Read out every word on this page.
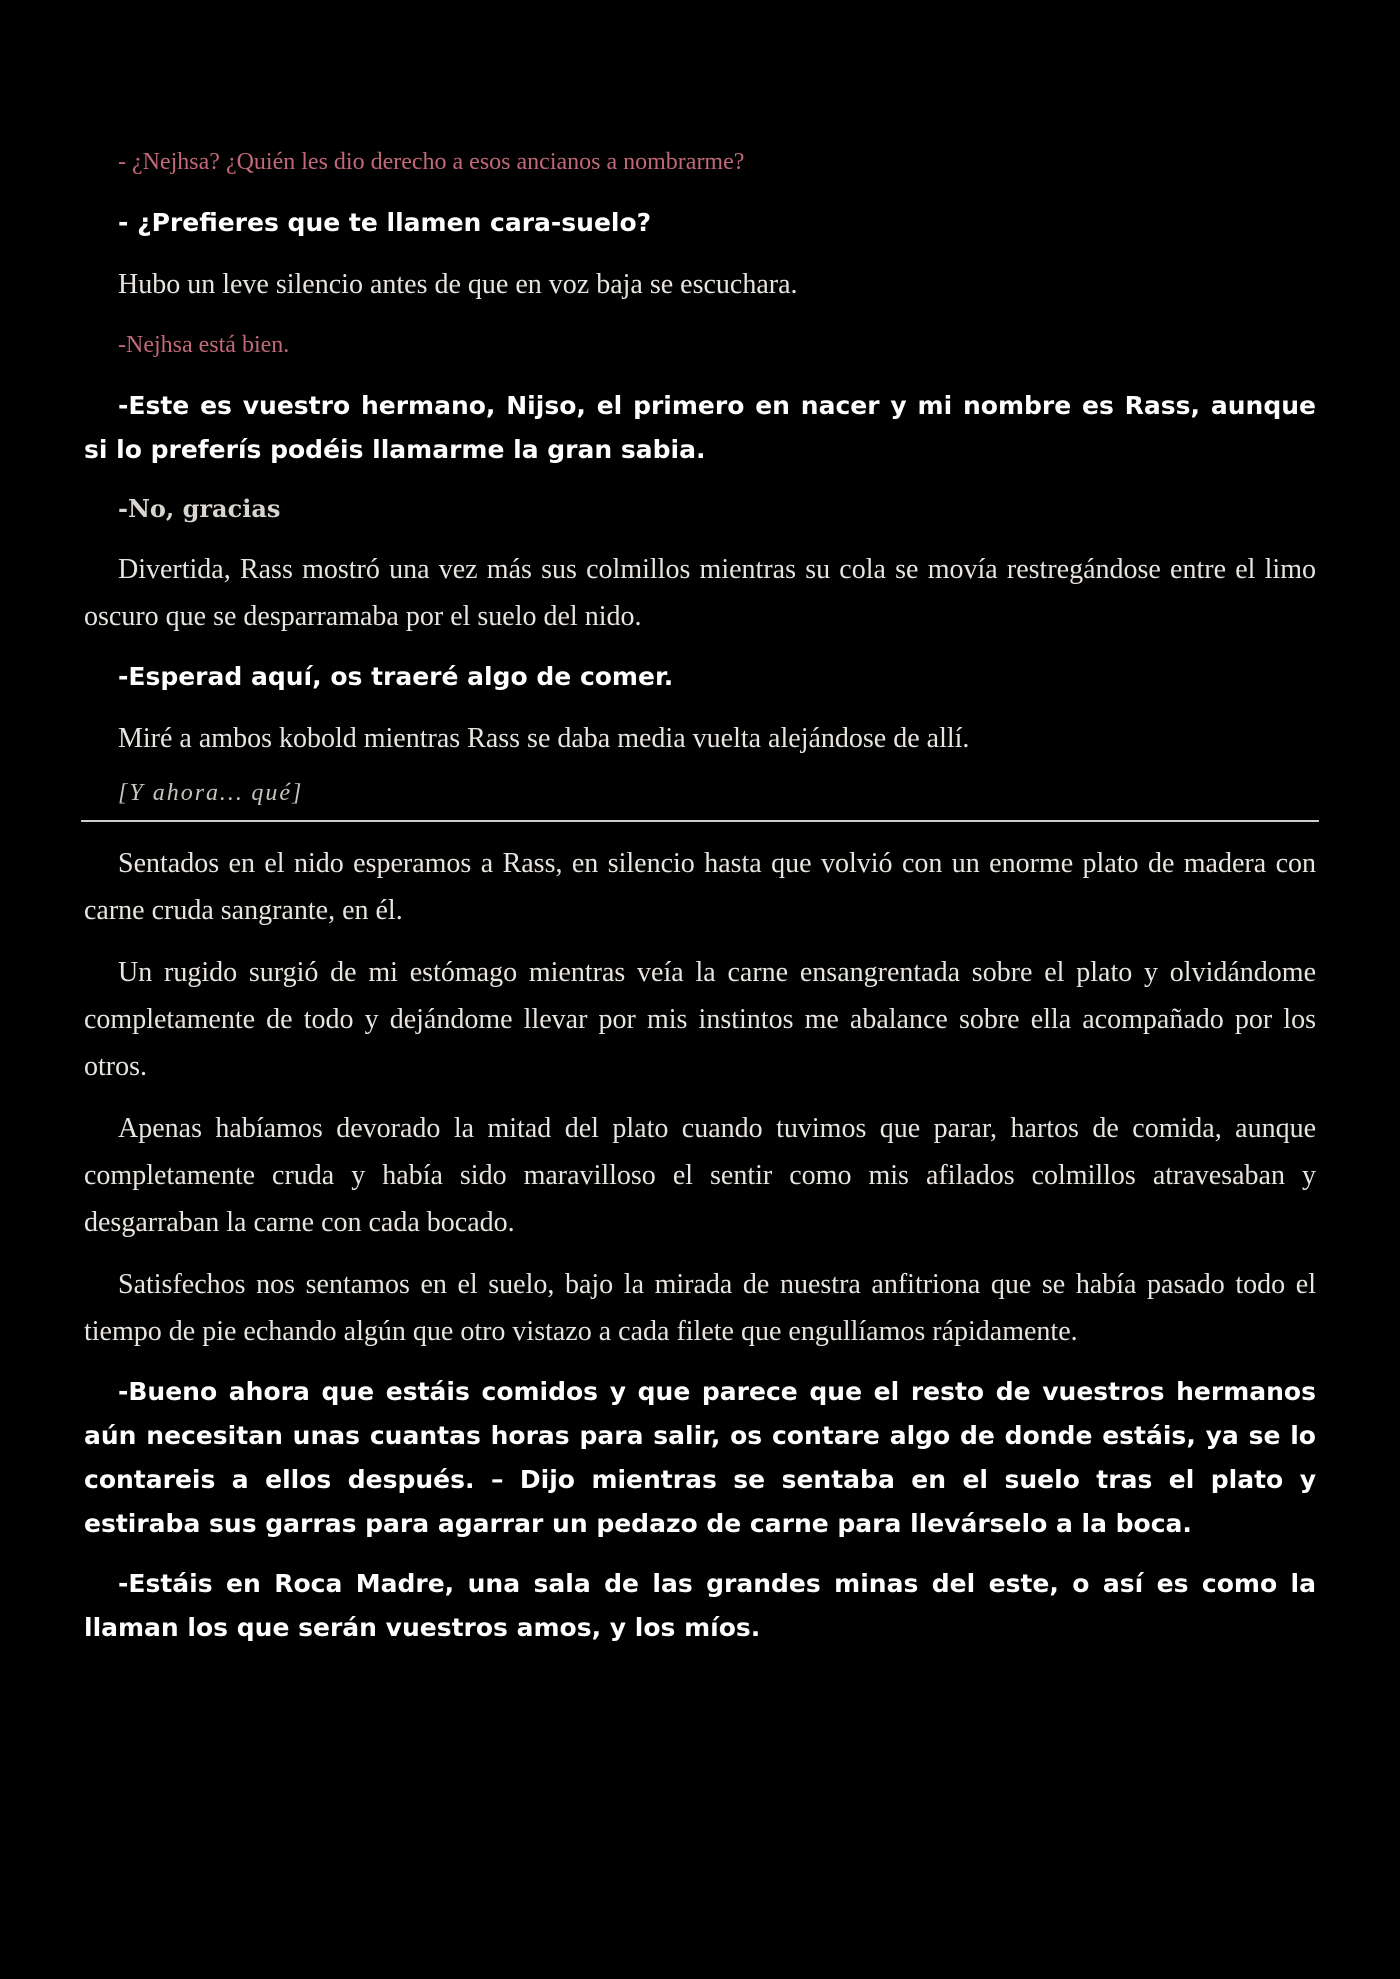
- ¿Nejhsa? ¿Quién les dio derecho a esos ancianos a nombrarme?

- ¿Prefieres que te llamen cara-suelo?

Hubo un leve silencio antes de que en voz baja se escuchara.

-Nejhsa está bien.

-Este es vuestro hermano, Nijso, el primero en nacer y mi nombre es Rass, aunque si lo preferís podéis llamarme la gran sabia.

-No, gracias

Divertida, Rass mostró una vez más sus colmillos mientras su cola se movía restregándose entre el limo oscuro que se desparramaba por el suelo del nido.

-Esperad aquí, os traeré algo de comer.

Miré a ambos kobold mientras Rass se daba media vuelta alejándose de allí.

[Y ahora… qué]

Sentados en el nido esperamos a Rass, en silencio hasta que volvió con un enorme plato de madera con carne cruda sangrante, en él.

Un rugido surgió de mi estómago mientras veía la carne ensangrentada sobre el plato y olvidándome completamente de todo y dejándome llevar por mis instintos me abalance sobre ella acompañado por los otros.

Apenas habíamos devorado la mitad del plato cuando tuvimos que parar, hartos de comida, aunque completamente cruda y había sido maravilloso el sentir como mis afilados colmillos atravesaban y desgarraban la carne con cada bocado.

Satisfechos nos sentamos en el suelo, bajo la mirada de nuestra anfitriona que se había pasado todo el tiempo de pie echando algún que otro vistazo a cada filete que engullíamos rápidamente.

-Bueno ahora que estáis comidos y que parece que el resto de vuestros hermanos aún necesitan unas cuantas horas para salir, os contare algo de donde estáis, ya se lo contareis a ellos después. – Dijo mientras se sentaba en el suelo tras el plato y estiraba sus garras para agarrar un pedazo de carne para llevárselo a la boca.

-Estáis en Roca Madre, una sala de las grandes minas del este, o así es como la llaman los que serán vuestros amos, y los míos.
